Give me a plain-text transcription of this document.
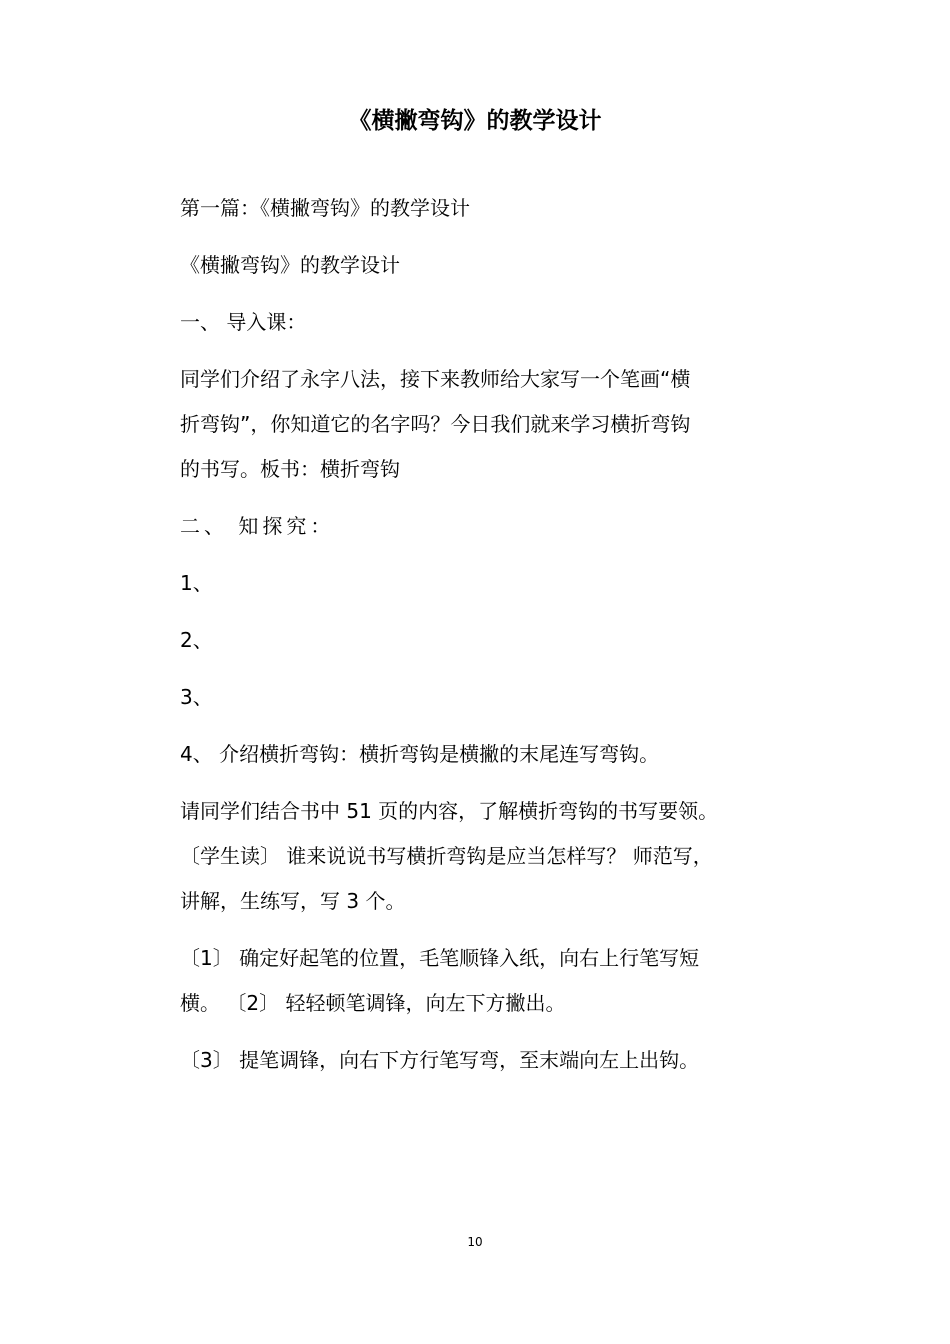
《横撇弯钩》的教学设计

第一篇：《横撇弯钩》的教学设计

《横撇弯钩》的教学设计

一、 导入课：

同学们介绍了永字八法，接下来教师给大家写一个笔画“横
折弯钩”，你知道它的名字吗？今日我们就来学习横折弯钩
的书写。板书：横折弯钩

二、 知探究：

1、

2、

3、

4、 介绍横折弯钩：横折弯钩是横撇的末尾连写弯钩。

请同学们结合书中 51 页的内容，了解横折弯钩的书写要领。
〔学生读〕 谁来说说书写横折弯钩是应当怎样写？ 师范写，
讲解，生练写，写 3 个。

〔1〕 确定好起笔的位置，毛笔顺锋入纸，向右上行笔写短
横。 〔2〕 轻轻顿笔调锋，向左下方撇出。

〔3〕 提笔调锋，向右下方行笔写弯，至末端向左上出钩。

10
